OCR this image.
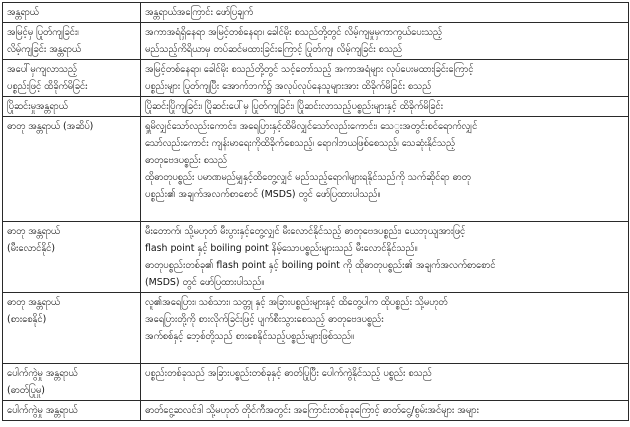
အန္တရာယ်	အန္တရာယ်အကြောင်း ဖော်ပြချက်

အမြင့်မှ ပြုတ်ကျခြင်း၊
လိမ့်ကျခြင်း အန္တရာယ်	အကာအရံရှိနေရာ အမြင့်တစ်နေရာ၊ ခေါင်မိုး စသည်တို့တွင် လိမ့်ကျမှုမှကာကွယ်ပေးသည့်
မည်သည့်ကိရိယာမှ တပ်ဆင်မထားခြင်းကြောင့် ပြုတ်ကျ၊ လိမ့်ကျခြင်း စသည်

အပေါ်မှကျလာသည့်
ပစ္စည်းဖြင့် ထိခိုက်မိခြင်း	အမြင့်တစ်နေရာ၊ ခေါင်မိုး စသည်တို့တွင် သင့်တော်သည့် အကာအရံများ လုပ်ပေးမထားခြင်းကြောင့်
ပစ္စည်းများ ပြုတ်ကျပြီး အောက်ဘက်၌ အလုပ်လုပ်နေသူများအား ထိခိုက်မိခြင်း စသည်

ပြိုဆင်းမှုအန္တရာယ်	ပြိုဆင်းပြိုကျခြင်း၊ ပြိုဆင်းပေါ်မှ ပြုတ်ကျခြင်း၊ ပြိုဆင်းလာသည့်ပစ္စည်းများနှင့် ထိခိုက်မိခြင်း

ဓာတု အန္တရာယ် (အဆိပ်)	ရှူမိလျှင်သော်လည်းကောင်း၊ အရေပြားနှင့်ထိမိလျှင်သော်လည်းကောင်း၊ သေွးအတွင်းစင်ရောက်လျှင်
သော်လည်းကောင်း ကျန်းမာရေးကိုထိခိုက်စေသည့်၊ ရောဂါဘယဖြစ်စေသည့်၊ သေဆုံးနိုင်သည့်
ဓာတုဗေဒပစ္စည်း စသည်
ထိုဓာတုပစ္စည်း ပမာဏမည်မျှနှင့်ထိတွေ့လျှင် မည်သည့်ရောဂါများရနိုင်သည်ကို သက်ဆိုင်ရာ ဓာတု
ပစ္စည်း၏ အချက်အလက်စာစောင် (MSDS) တွင် ဖော်ပြထားပါသည်။

ဓာတု အန္တရာယ်
(မီးလောင်နိုင်)	မီးတောက်၊ သို့မဟုတ် မီးပွားနှင့်တွေ့လျှင် မီးလောင်နိုင်သည့် ဓာတုဗေဒပစ္စည်း၊ ယေဘုယျအားဖြင့်
flash point နှင့် boiling point နိမ့်သောပစ္စည်းများသည် မီးလောင်နိုင်သည်။
ဓာတုပစ္စည်းတစ်ခု၏ flash point နှင့် boiling point ကို ထိုဓာတုပစ္စည်း၏ အချက်အလက်စာစောင်
(MSDS) တွင် ဖော်ပြထားပါသည်။

ဓာတု အန္တရာယ်
(စားစေနိုင်)	လူ၏အရေပြား၊ သစ်သား၊ သတ္တု နှင့် အခြားပစ္စည်းများနှင့် ထိတွေ့ပါက ထိုပစ္စည်း သို့မဟုတ်
အရေပြားတို့ကို စားလိုက်ခြင်းဖြင့် ပျက်စီးသွားစေသည့် ဓာတုဗေဒပစ္စည်း
အက်စစ်နှင့် ဘေ့စ်တို့သည် စားစေနိုင်သည့်ပစ္စည်းများဖြစ်သည်။

ပေါက်ကွဲမှု အန္တရာယ်
(ဓာတ်ပြုမှု)	ပစ္စည်းတစ်ခုသည် အခြားပစ္စည်းတစ်ခုနှင့် ဓာတ်ပြုပြီး ပေါက်ကွဲနိုင်သည့် ပစ္စည်း စသည်

ပေါက်ကွဲမှု အန္တရာယ်	ဓာတ်ငွေ့ဆလင်ဒါ သို့မဟုတ် တိုင်ကီအတွင်း အကြောင်းတစ်ခုခုကြောင့် ဓာတ်ငွေ့/စွမ်းအင်များ အများ
